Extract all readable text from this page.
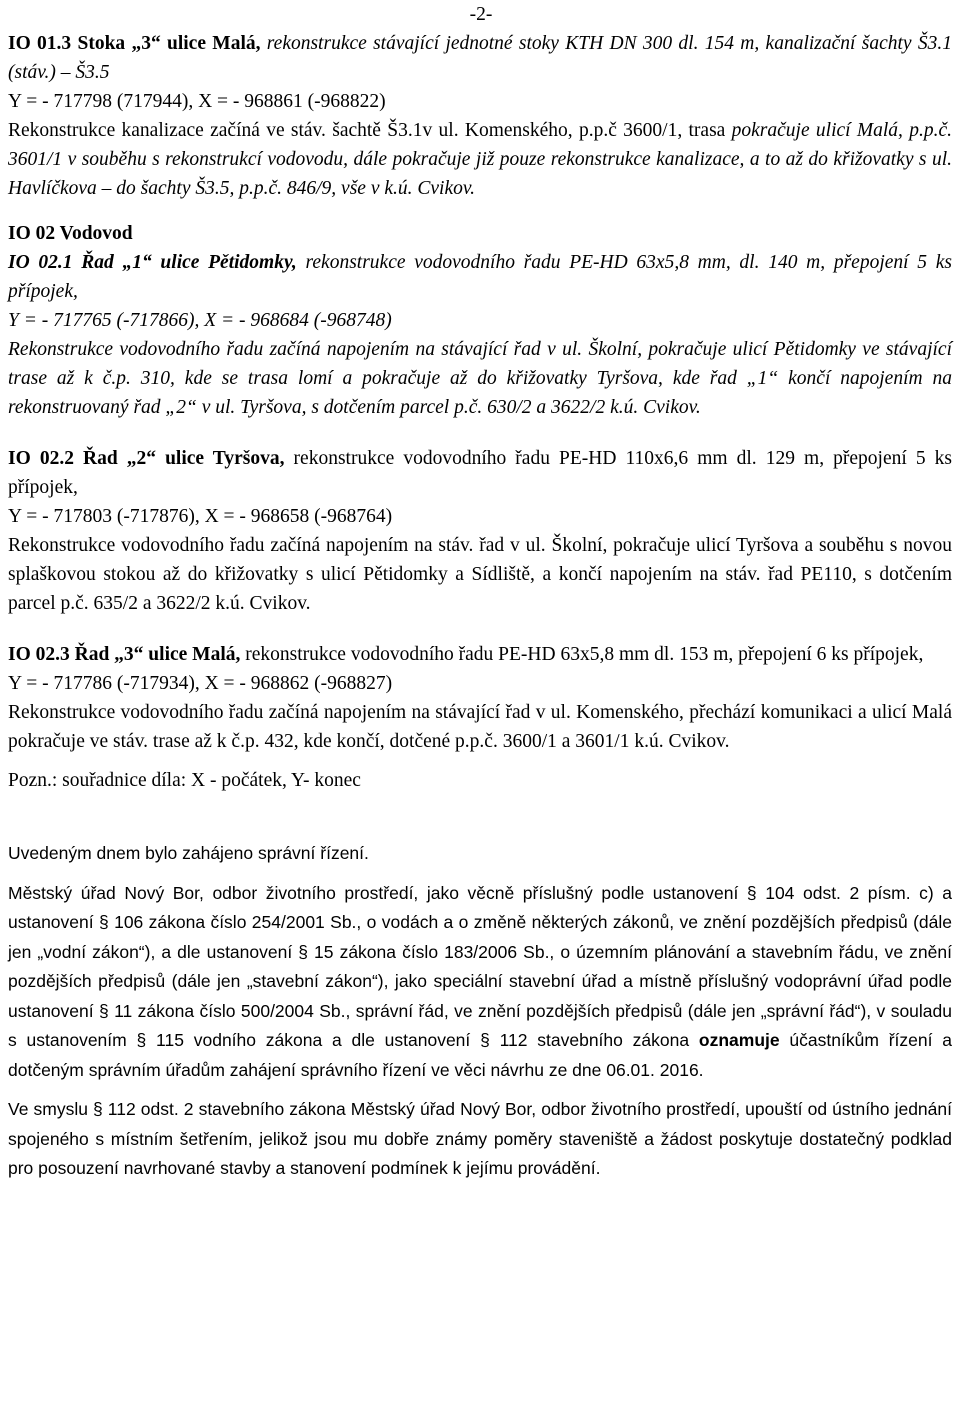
-2-

IO 01.3 Stoka „3“ ulice Malá, rekonstrukce stávající jednotné stoky KTH DN 300 dl. 154 m, kanalizační šachty Š3.1 (stáv.) – Š3.5

Y = - 717798 (717944), X = - 968861 (-968822)

Rekonstrukce kanalizace začíná ve stáv. šachtě Š3.1v ul. Komenského, p.p.č 3600/1, trasa pokračuje ulicí Malá, p.p.č. 3601/1 v souběhu s rekonstrukcí vodovodu, dále pokračuje již pouze rekonstrukce kanalizace, a to až do křižovatky s ul. Havlíčkova – do šachty Š3.5, p.p.č. 846/9, vše v k.ú. Cvikov.

IO 02 Vodovod

IO 02.1 Řad „1“ ulice Pětidomky, rekonstrukce vodovodního řadu PE-HD 63x5,8 mm, dl. 140 m, přepojení 5 ks přípojek,

Y = - 717765 (-717866), X = - 968684 (-968748)

Rekonstrukce vodovodního řadu začíná napojením na stávající řad v ul. Školní, pokračuje ulicí Pětidomky ve stávající trase až k č.p. 310, kde se trasa lomí a pokračuje až do křižovatky Tyršova, kde řad „1“ končí napojením na rekonstruovaný řad „2“ v ul. Tyršova, s dotčením parcel p.č. 630/2 a 3622/2 k.ú. Cvikov.

IO 02.2 Řad „2“ ulice Tyršova, rekonstrukce vodovodního řadu PE-HD 110x6,6 mm dl. 129 m, přepojení 5 ks přípojek,

Y = - 717803 (-717876), X = - 968658 (-968764)

Rekonstrukce vodovodního řadu začíná napojením na stáv. řad v ul. Školní, pokračuje ulicí Tyršova a souběhu s novou splaškovou stokou až do křižovatky s ulicí Pětidomky a Sídliště, a končí napojením na stáv. řad PE110, s dotčením parcel p.č. 635/2 a 3622/2 k.ú. Cvikov.

IO 02.3 Řad „3“ ulice Malá, rekonstrukce vodovodního řadu PE-HD 63x5,8 mm dl. 153 m, přepojení 6 ks přípojek,

Y = - 717786 (-717934), X = - 968862 (-968827)

Rekonstrukce vodovodního řadu začíná napojením na stávající řad v ul. Komenského, přechází komunikaci a ulicí Malá pokračuje ve stáv. trase až k č.p. 432, kde končí, dotčené p.p.č. 3600/1 a 3601/1 k.ú. Cvikov.

Pozn.: souřadnice díla: X - počátek, Y- konec

Uvedeným dnem bylo zahájeno správní řízení.

Městský úřad Nový Bor, odbor životního prostředí, jako věcně příslušný podle ustanovení § 104 odst. 2 písm. c) a ustanovení § 106 zákona číslo 254/2001 Sb., o vodách a o změně některých zákonů, ve znění pozdějších předpisů (dále jen „vodní zákon“), a dle ustanovení § 15 zákona číslo 183/2006 Sb., o územním plánování a stavebním řádu, ve znění pozdějších předpisů (dále jen „stavební zákon“), jako speciální stavební úřad a místně příslušný vodoprávní úřad podle ustanovení § 11 zákona číslo 500/2004 Sb., správní řád, ve znění pozdějších předpisů (dále jen „správní řád“), v souladu s ustanovením § 115 vodního zákona a dle ustanovení § 112 stavebního zákona oznamuje účastníkům řízení a dotčeným správním úřadům zahájení správního řízení ve věci návrhu ze dne 06.01. 2016.

Ve smyslu § 112 odst. 2 stavebního zákona Městský úřad Nový Bor, odbor životního prostředí, upouští od ústního jednání spojeného s místním šetřením, jelikož jsou mu dobře známy poměry staveniště a žádost poskytuje dostatečný podklad pro posouzení navrhované stavby a stanovení podmínek k jejímu provádění.
